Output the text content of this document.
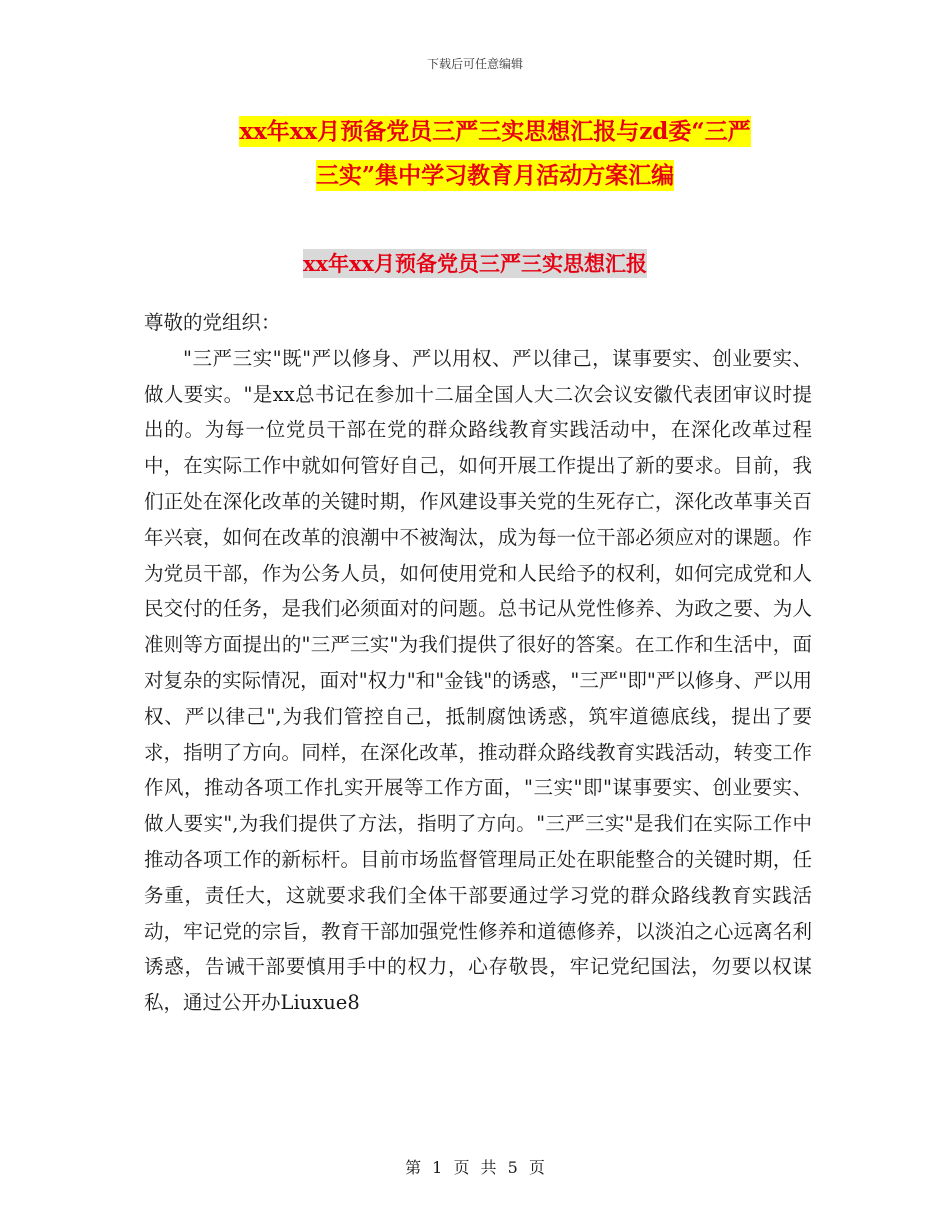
下载后可任意编辑
xx年xx月预备党员三严三实思想汇报与zd委“三严
三实”集中学习教育月活动方案汇编
xx年xx月预备党员三严三实思想汇报

尊敬的党组织：

"三严三实"既"严以修身、严以用权、严以律己，谋事要实、创业要实、做人要实。"是xx总书记在参加十二届全国人大二次会议安徽代表团审议时提出的。为每一位党员干部在党的群众路线教育实践活动中，在深化改革过程中，在实际工作中就如何管好自己，如何开展工作提出了新的要求。目前，我们正处在深化改革的关键时期，作风建设事关党的生死存亡，深化改革事关百年兴衰，如何在改革的浪潮中不被淘汰，成为每一位干部必须应对的课题。作为党员干部，作为公务人员，如何使用党和人民给予的权利，如何完成党和人民交付的任务，是我们必须面对的问题。总书记从党性修养、为政之要、为人准则等方面提出的"三严三实"为我们提供了很好的答案。在工作和生活中，面对复杂的实际情况，面对"权力"和"金钱"的诱惑，"三严"即"严以修身、严以用权、严以律己",为我们管控自己，抵制腐蚀诱惑，筑牢道德底线，提出了要求，指明了方向。同样，在深化改革，推动群众路线教育实践活动，转变工作作风，推动各项工作扎实开展等工作方面，"三实"即"谋事要实、创业要实、做人要实",为我们提供了方法，指明了方向。"三严三实"是我们在实际工作中推动各项工作的新标杆。目前市场监督管理局正处在职能整合的关键时期，任务重，责任大，这就要求我们全体干部要通过学习党的群众路线教育实践活动，牢记党的宗旨，教育干部加强党性修养和道德修养，以淡泊之心远离名利诱惑，告诫干部要慎用手中的权力，心存敬畏，牢记党纪国法，勿要以权谋私，通过公开办Liuxue8

第 1 页 共 5 页
